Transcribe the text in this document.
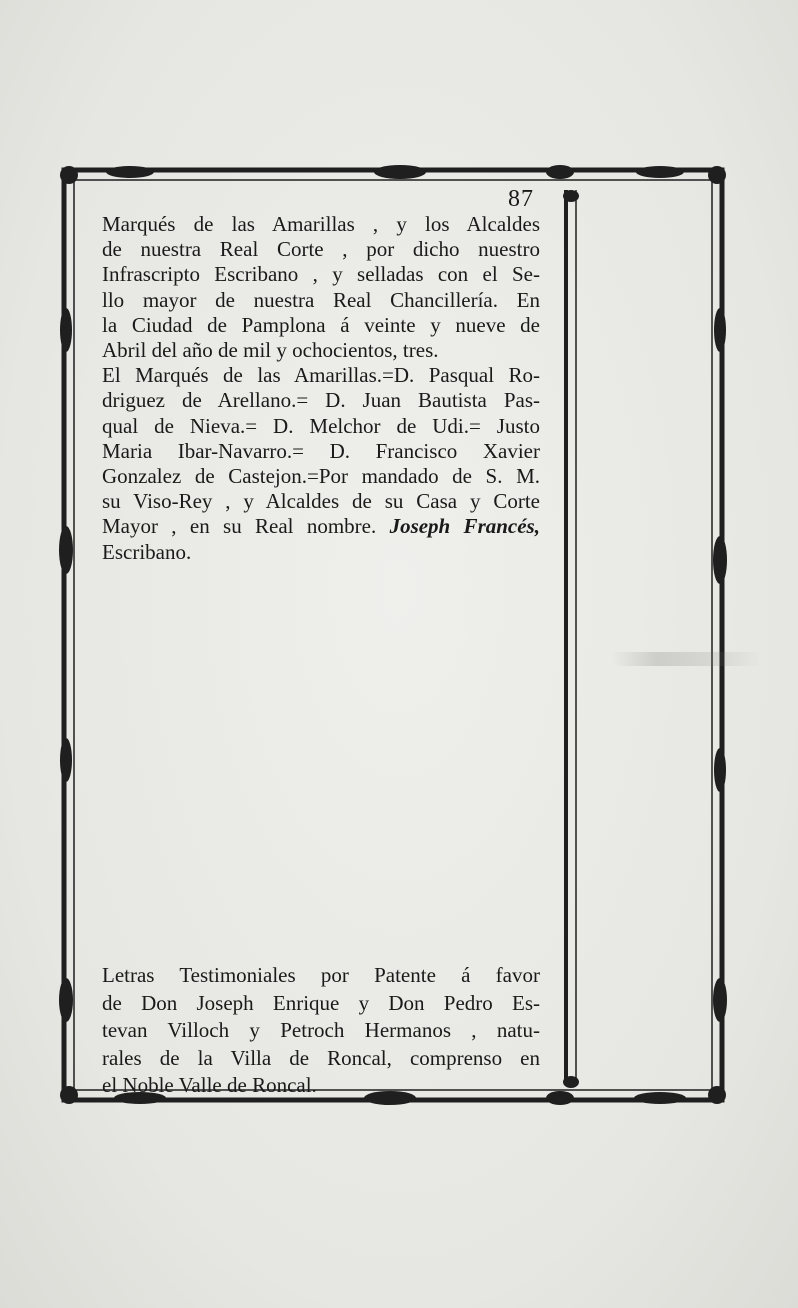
87
Marqués de las Amarillas , y los Alcaldes
de nuestra Real Corte , por dicho nuestro
Infrascripto Escribano , y selladas con el Se-
llo mayor de nuestra Real Chancillería. En
la Ciudad de Pamplona á veinte y nueve de
Abril del año de mil y ochocientos, tres.
El Marqués de las Amarillas.=D. Pasqual Ro-
driguez de Arellano.= D. Juan Bautista Pas-
qual de Nieva.= D. Melchor de Udi.= Justo
Maria Ibar-Navarro.= D. Francisco Xavier
Gonzalez de Castejon.=Por mandado de S. M.
su Viso-Rey , y Alcaldes de su Casa y Corte
Mayor , en su Real nombre. Joseph Francés,
Escribano.
Letras Testimoniales por Patente á favor
de Don Joseph Enrique y Don Pedro Es-
tevan Villoch y Petroch Hermanos , natu-
rales de la Villa de Roncal, comprenso en
el Noble Valle de Roncal.
